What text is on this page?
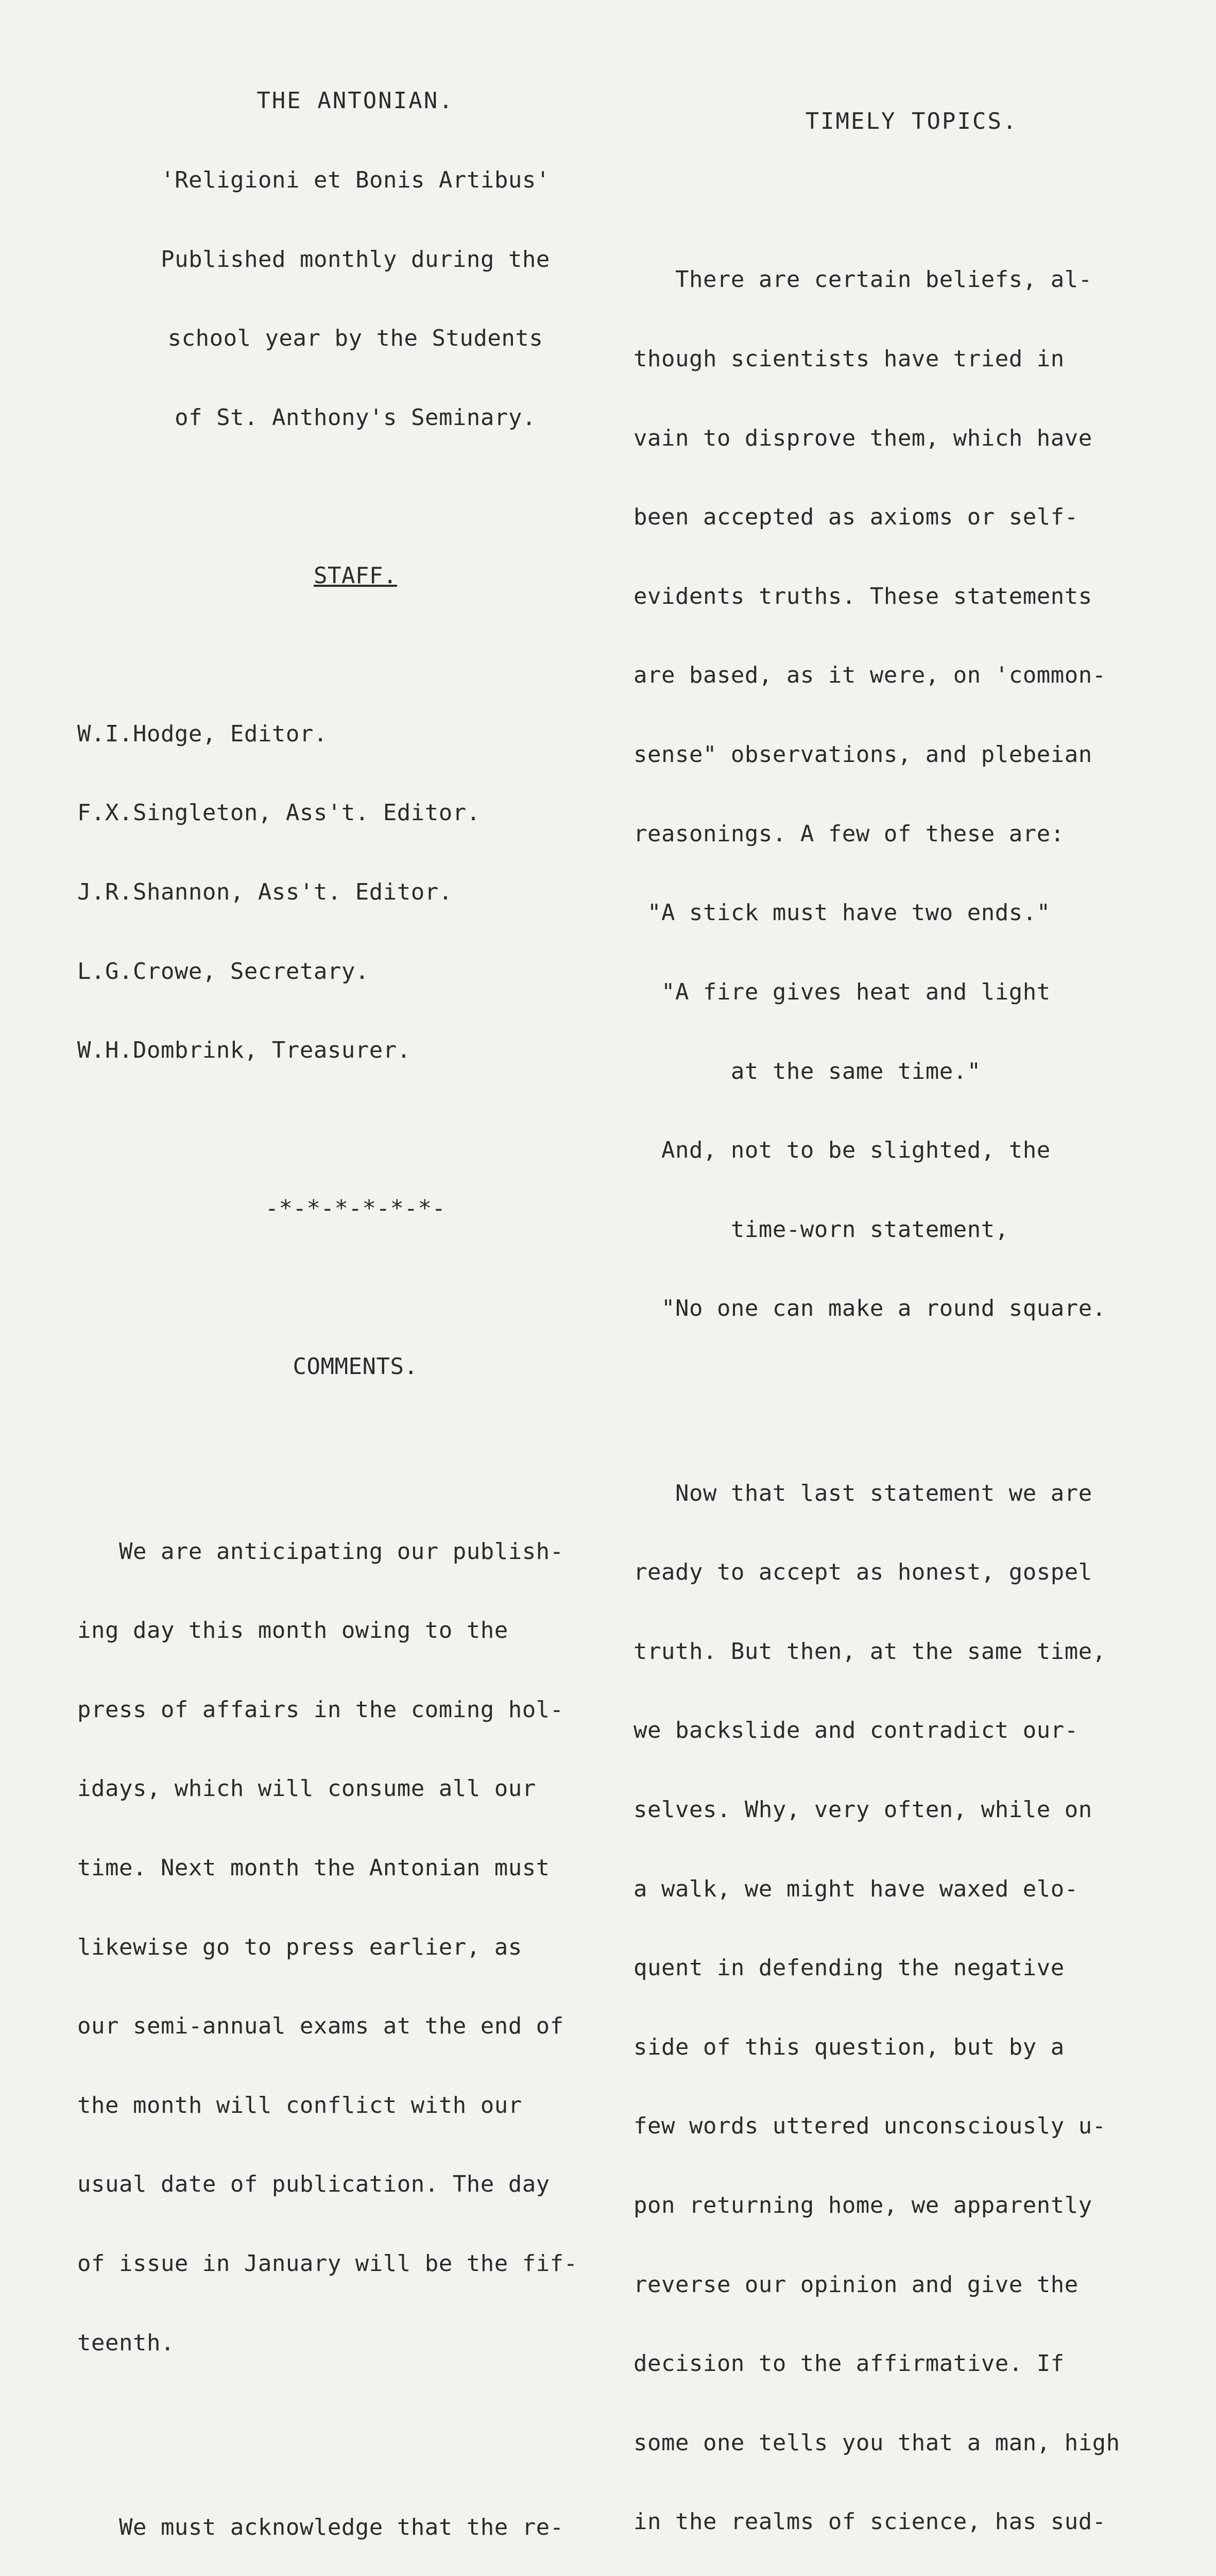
THE ANTONIAN.

'Religioni et Bonis Artibus'

Published monthly during the

school year by the Students

of St. Anthony's Seminary.

STAFF.

W.I.Hodge, Editor.

F.X.Singleton, Ass't. Editor.

J.R.Shannon, Ass't. Editor.

L.G.Crowe, Secretary.

W.H.Dombrink, Treasurer.

-*-*-*-*-*-*-

COMMENTS.

We are anticipating our publish-

ing day this month owing to the

press of affairs in the coming hol-

idays, which will consume all our

time. Next month the Antonian must

likewise go to press earlier, as

our semi-annual exams at the end of

the month will conflict with our

usual date of publication. The day

of issue in January will be the fif-

teenth.

We must acknowledge that the re-

TIMELY TOPICS.

There are certain beliefs, al-

though scientists have tried in

vain to disprove them, which have

been accepted as axioms or self-

evidents truths. These statements

are based, as it were, on 'common-

sense" observations, and plebeian

reasonings. A few of these are:

"A stick must have two ends."

"A fire gives heat and light

at the same time."

And, not to be slighted, the

time-worn statement,

"No one can make a round square.

Now that last statement we are

ready to accept as honest, gospel

truth. But then, at the same time,

we backslide and contradict our-

selves. Why, very often, while on

a walk, we might have waxed elo-

quent in defending the negative

side of this question, but by a

few words uttered unconsciously u-

pon returning home, we apparently

reverse our opinion and give the

decision to the affirmative. If

some one tells you that a man, high

in the realms of science, has sud-
